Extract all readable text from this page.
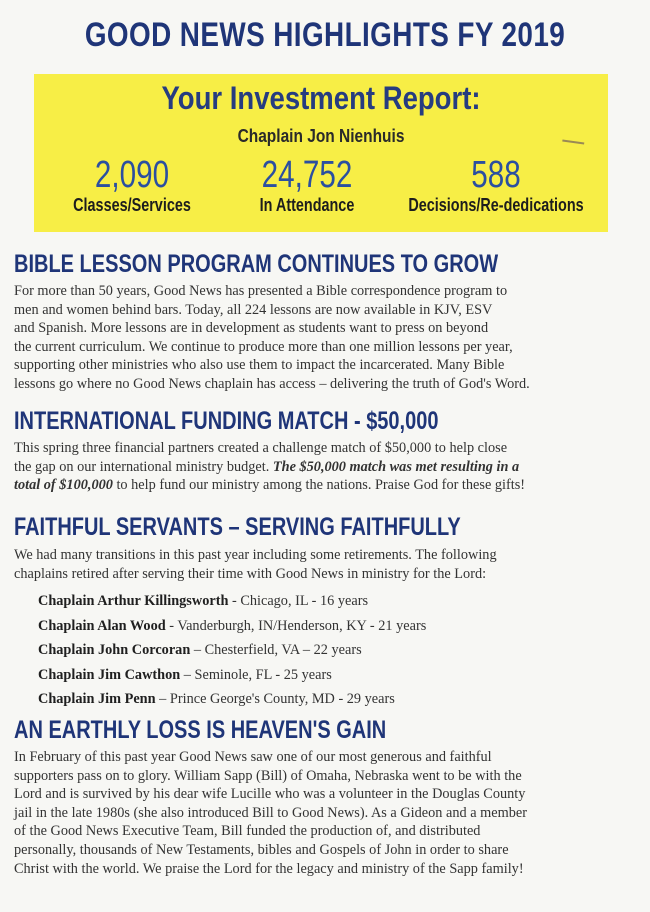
GOOD NEWS HIGHLIGHTS FY 2019
Your Investment Report:
Chaplain Jon Nienhuis
2,090
Classes/Services
24,752
In Attendance
588
Decisions/Re-dedications
BIBLE LESSON PROGRAM CONTINUES TO GROW

For more than 50 years, Good News has presented a Bible correspondence program to
men and women behind bars. Today, all 224 lessons are now available in KJV, ESV
and Spanish. More lessons are in development as students want to press on beyond
the current curriculum. We continue to produce more than one million lessons per year,
supporting other ministries who also use them to impact the incarcerated. Many Bible
lessons go where no Good News chaplain has access – delivering the truth of God's Word.

INTERNATIONAL FUNDING MATCH - $50,000

This spring three financial partners created a challenge match of $50,000 to help close
the gap on our international ministry budget. The $50,000 match was met resulting in a
total of $100,000 to help fund our ministry among the nations. Praise God for these gifts!

FAITHFUL SERVANTS – SERVING FAITHFULLY

We had many transitions in this past year including some retirements. The following
chaplains retired after serving their time with Good News in ministry for the Lord:

Chaplain Arthur Killingsworth - Chicago, IL - 16 years
Chaplain Alan Wood - Vanderburgh, IN/Henderson, KY - 21 years
Chaplain John Corcoran – Chesterfield, VA – 22 years
Chaplain Jim Cawthon – Seminole, FL - 25 years
Chaplain Jim Penn – Prince George's County, MD - 29 years
AN EARTHLY LOSS IS HEAVEN'S GAIN

In February of this past year Good News saw one of our most generous and faithful
supporters pass on to glory. William Sapp (Bill) of Omaha, Nebraska went to be with the
Lord and is survived by his dear wife Lucille who was a volunteer in the Douglas County
jail in the late 1980s (she also introduced Bill to Good News). As a Gideon and a member
of the Good News Executive Team, Bill funded the production of, and distributed
personally, thousands of New Testaments, bibles and Gospels of John in order to share
Christ with the world. We praise the Lord for the legacy and ministry of the Sapp family!
